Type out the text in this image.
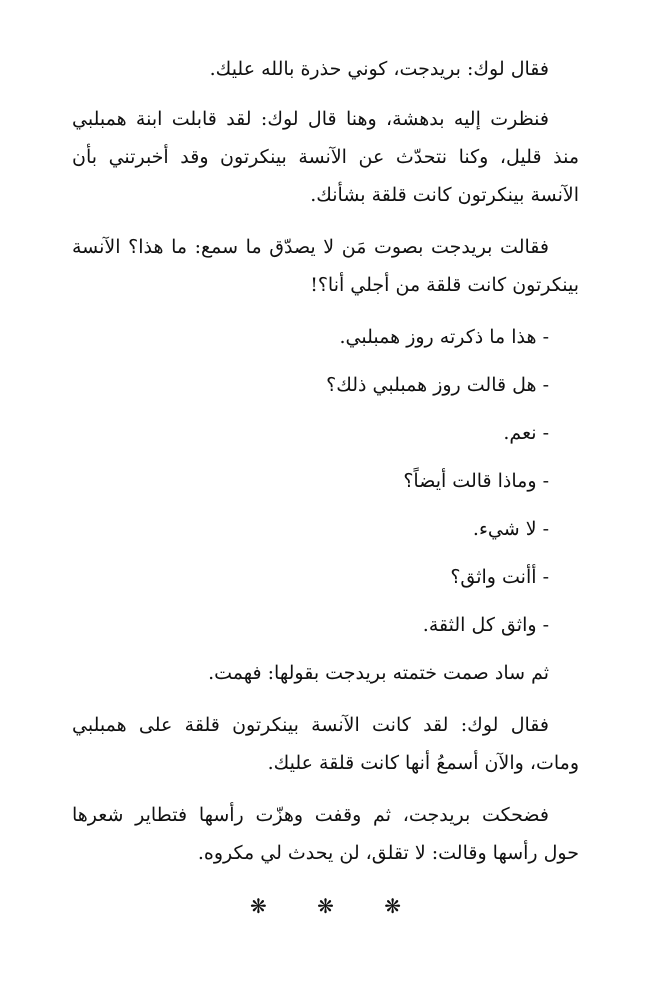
فقال لوك: بريدجت، كوني حذرة بالله عليك.

فنظرت إليه بدهشة، وهنا قال لوك: لقد قابلت ابنة همبلبي منذ قليل، وكنا نتحدّث عن الآنسة بينكرتون وقد أخبرتني بأن الآنسة بينكرتون كانت قلقة بشأنك.

فقالت بريدجت بصوت مَن لا يصدّق ما سمع: ما هذا؟ الآنسة بينكرتون كانت قلقة من أجلي أنا؟!

- هذا ما ذكرته روز همبلبي.

- هل قالت روز همبلبي ذلك؟

- نعم.

- وماذا قالت أيضاً؟

- لا شيء.

- أأنت واثق؟

- واثق كل الثقة.

ثم ساد صمت ختمته بريدجت بقولها: فهمت.

فقال لوك: لقد كانت الآنسة بينكرتون قلقة على همبلبي ومات، والآن أسمعُ أنها كانت قلقة عليك.

فضحكت بريدجت، ثم وقفت وهزّت رأسها فتطاير شعرها حول رأسها وقالت: لا تقلق، لن يحدث لي مكروه.

❋ ❋ ❋
